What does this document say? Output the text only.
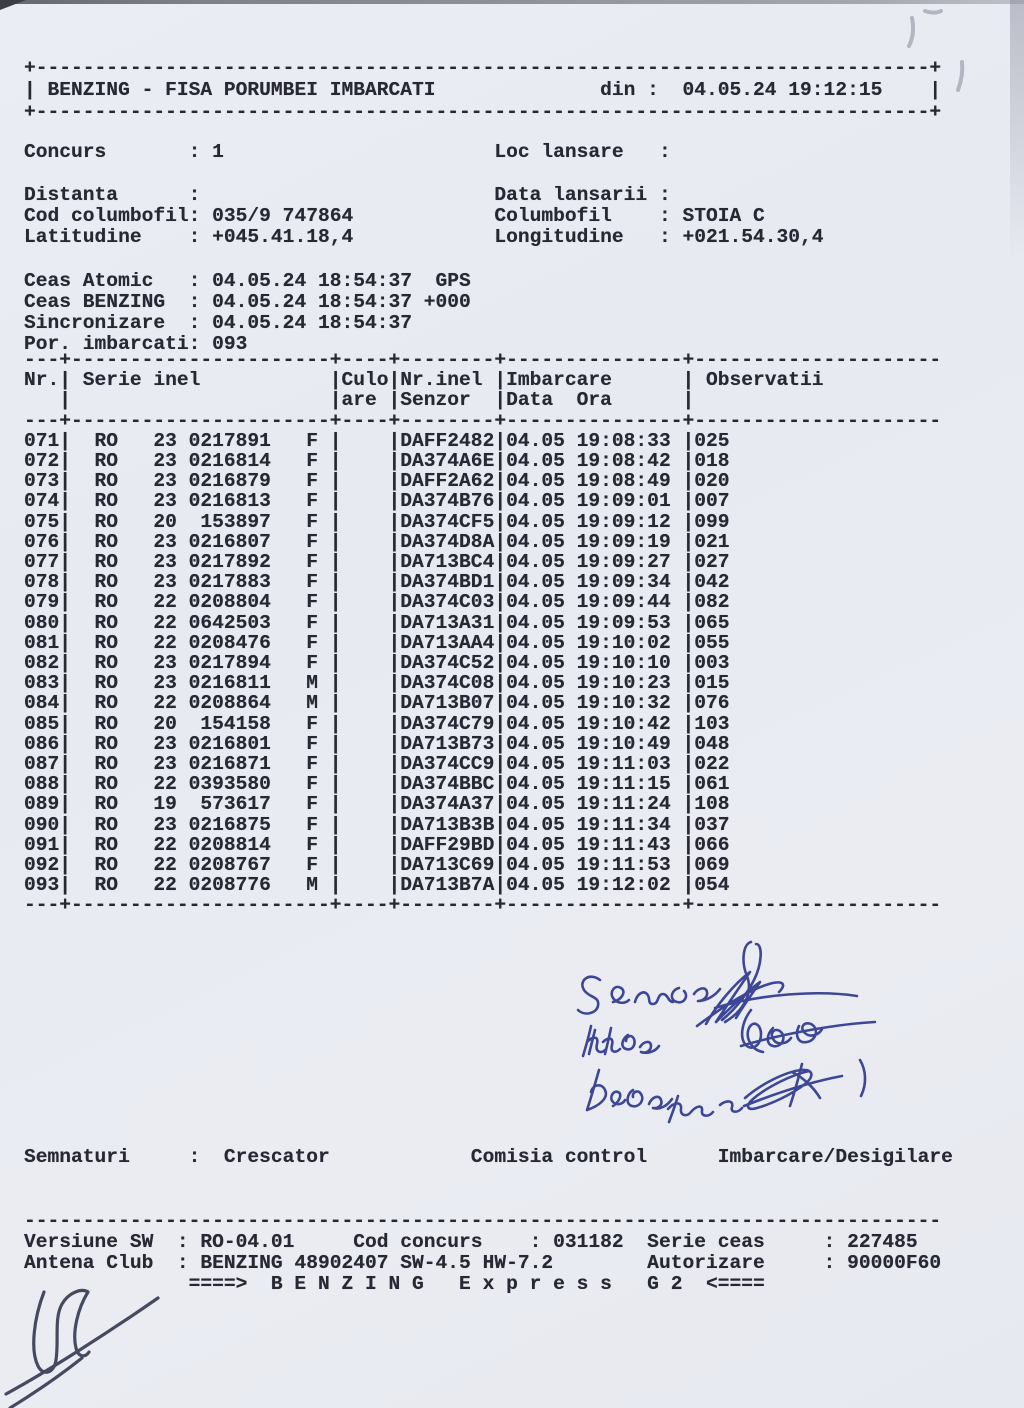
+----------------------------------------------------------------------------+
| BENZING - FISA PORUMBEI IMBARCATI              din :  04.05.24 19:12:15    |
+----------------------------------------------------------------------------+
Concurs       : 1                       Loc lansare   :
Distanta      :                         Data lansarii :
Cod columbofil: 035/9 747864            Columbofil    : STOIA C
Latitudine    : +045.41.18,4            Longitudine   : +021.54.30,4
Ceas Atomic   : 04.05.24 18:54:37  GPS
Ceas BENZING  : 04.05.24 18:54:37 +000
Sincronizare  : 04.05.24 18:54:37
Por. imbarcati: 093
---+----------------------+----+--------+---------------+---------------------
Nr.| Serie inel           |Culo|Nr.inel |Imbarcare      | Observatii
|                      |are |Senzor  |Data  Ora      |
---+----------------------+----+--------+---------------+---------------------
071|  RO   23 0217891   F |    |DAFF2482|04.05 19:08:33 |025
072|  RO   23 0216814   F |    |DA374A6E|04.05 19:08:42 |018
073|  RO   23 0216879   F |    |DAFF2A62|04.05 19:08:49 |020
074|  RO   23 0216813   F |    |DA374B76|04.05 19:09:01 |007
075|  RO   20  153897   F |    |DA374CF5|04.05 19:09:12 |099
076|  RO   23 0216807   F |    |DA374D8A|04.05 19:09:19 |021
077|  RO   23 0217892   F |    |DA713BC4|04.05 19:09:27 |027
078|  RO   23 0217883   F |    |DA374BD1|04.05 19:09:34 |042
079|  RO   22 0208804   F |    |DA374C03|04.05 19:09:44 |082
080|  RO   22 0642503   F |    |DA713A31|04.05 19:09:53 |065
081|  RO   22 0208476   F |    |DA713AA4|04.05 19:10:02 |055
082|  RO   23 0217894   F |    |DA374C52|04.05 19:10:10 |003
083|  RO   23 0216811   M |    |DA374C08|04.05 19:10:23 |015
084|  RO   22 0208864   M |    |DA713B07|04.05 19:10:32 |076
085|  RO   20  154158   F |    |DA374C79|04.05 19:10:42 |103
086|  RO   23 0216801   F |    |DA713B73|04.05 19:10:49 |048
087|  RO   23 0216871   F |    |DA374CC9|04.05 19:11:03 |022
088|  RO   22 0393580   F |    |DA374BBC|04.05 19:11:15 |061
089|  RO   19  573617   F |    |DA374A37|04.05 19:11:24 |108
090|  RO   23 0216875   F |    |DA713B3B|04.05 19:11:34 |037
091|  RO   22 0208814   F |    |DAFF29BD|04.05 19:11:43 |066
092|  RO   22 0208767   F |    |DA713C69|04.05 19:11:53 |069
093|  RO   22 0208776   M |    |DA713B7A|04.05 19:12:02 |054
---+----------------------+----+--------+---------------+---------------------
Semnaturi     :  Crescator            Comisia control      Imbarcare/Desigilare
------------------------------------------------------------------------------
Versiune SW  : RO-04.01     Cod concurs    : 031182  Serie ceas     : 227485
Antena Club  : BENZING 48902407 SW-4.5 HW-7.2        Autorizare     : 90000F60
====>  B E N Z I N G   E x p r e s s   G 2  <====
